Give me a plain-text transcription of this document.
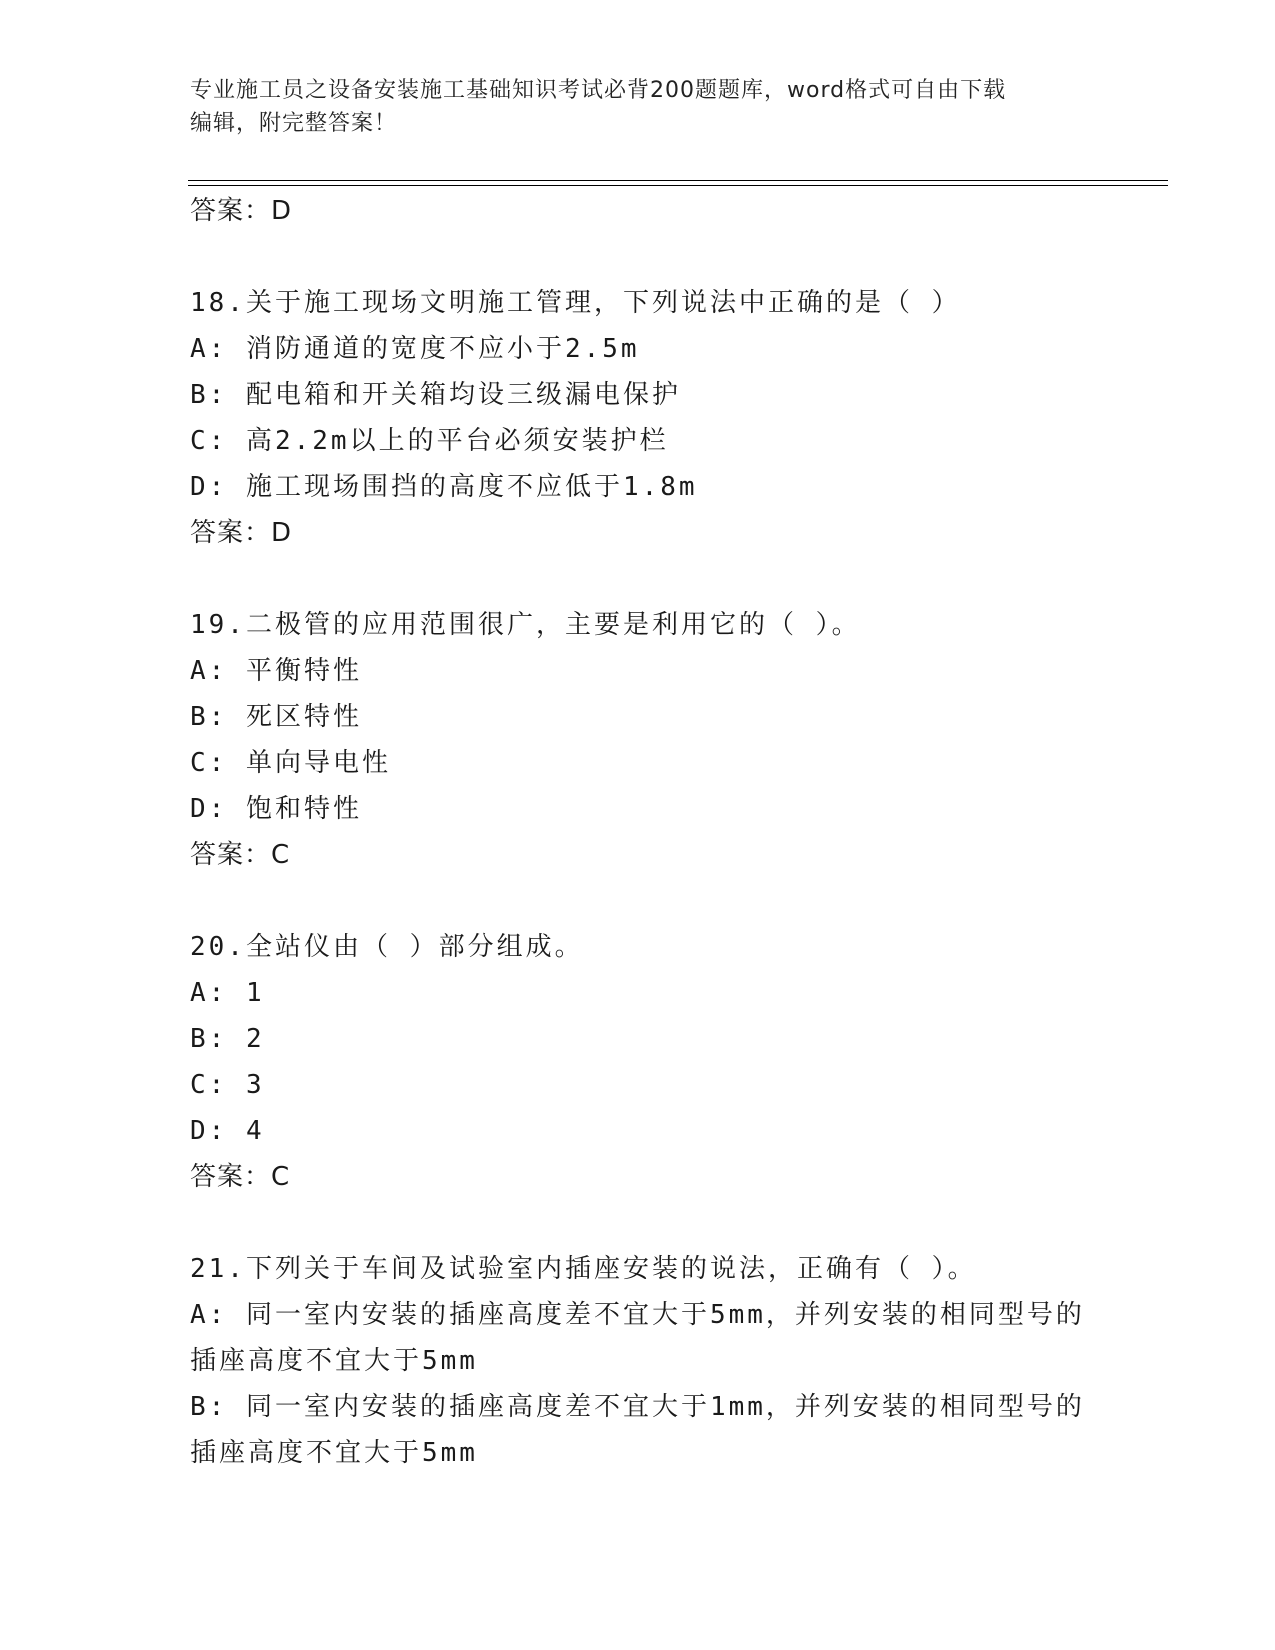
专业施工员之设备安装施工基础知识考试必背200题题库，word格式可自由下载
编辑，附完整答案！
答案：D
18.关于施工现场文明施工管理，下列说法中正确的是（ ）
A: 消防通道的宽度不应小于2.5m
B: 配电箱和开关箱均设三级漏电保护
C: 高2.2m以上的平台必须安装护栏
D: 施工现场围挡的高度不应低于1.8m
答案：D
19.二极管的应用范围很广，主要是利用它的（ ）。
A: 平衡特性
B: 死区特性
C: 单向导电性
D: 饱和特性
答案：C
20.全站仪由（ ）部分组成。
A: 1
B: 2
C: 3
D: 4
答案：C
21.下列关于车间及试验室内插座安装的说法，正确有（ ）。
A: 同一室内安装的插座高度差不宜大于5mm，并列安装的相同型号的
插座高度不宜大于5mm
B: 同一室内安装的插座高度差不宜大于1mm，并列安装的相同型号的
插座高度不宜大于5mm
